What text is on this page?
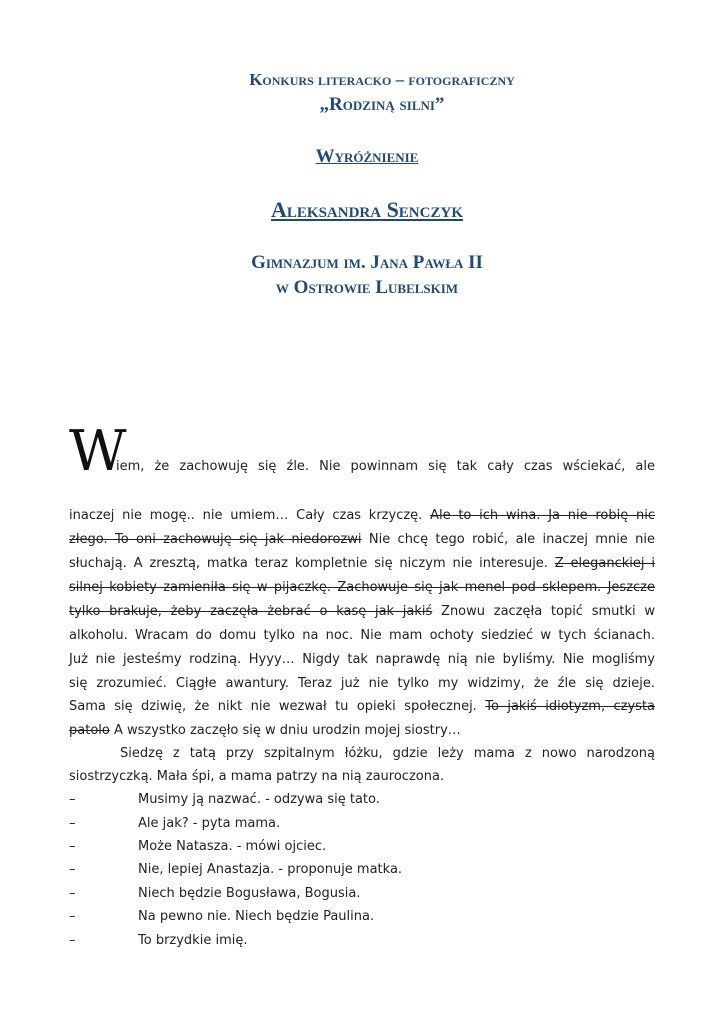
Konkurs literacko – fotograficzny

„Rodziną silni”

Wyróżnienie

Aleksandra Senczyk

Gimnazjum im. Jana Pawła II

w Ostrowie Lubelskim

W
iem, że zachowuję się źle. Nie powinnam się tak cały czas wściekać, ale
inaczej nie mogę.. nie umiem… Cały czas krzyczę. Ale to ich wina. Ja nie robię nic
złego. To oni zachowuję się jak niedorozwi Nie chcę tego robić, ale inaczej mnie nie
słuchają. A zresztą, matka teraz kompletnie się niczym nie interesuje. Z eleganckiej i
silnej kobiety zamieniła się w pijaczkę. Zachowuje się jak menel pod sklepem. Jeszcze
tylko brakuje, żeby zaczęła żebrać o kasę jak jakiś Znowu zaczęła topić smutki w
alkoholu. Wracam do domu tylko na noc. Nie mam ochoty siedzieć w tych ścianach.
Już nie jesteśmy rodziną. Hyyy… Nigdy tak naprawdę nią nie byliśmy. Nie mogliśmy
się zrozumieć. Ciągłe awantury. Teraz już nie tylko my widzimy, że źle się dzieje.
Sama się dziwię, że nikt nie wezwał tu opieki społecznej. To jakiś idiotyzm, czysta
patolo A wszystko zaczęło się w dniu urodzin mojej siostry…
Siedzę z tatą przy szpitalnym łóżku, gdzie leży mama z nowo narodzoną
siostrzyczką. Mała śpi, a mama patrzy na nią zauroczona.
–	Musimy ją nazwać. - odzywa się tato.
–	Ale jak? - pyta mama.
–	Może Natasza. - mówi ojciec.
–	Nie, lepiej Anastazja. - proponuje matka.
–	Niech będzie Bogusława, Bogusia.
–	Na pewno nie. Niech będzie Paulina.
–	To brzydkie imię.
